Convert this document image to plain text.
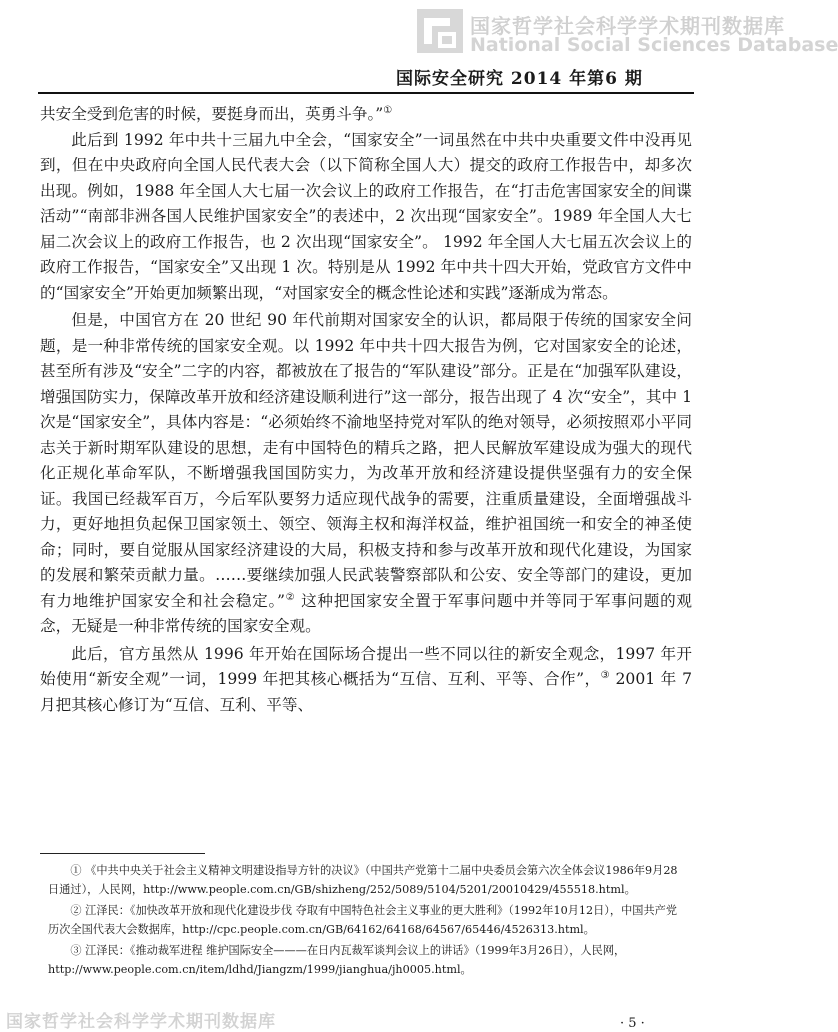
国家哲学社会科学学术期刊数据库
National Social Sciences Database
国际安全研究 2014 年第6 期

共安全受到危害的时候，要挺身而出，英勇斗争。”①

此后到 1992 年中共十三届九中全会，“国家安全”一词虽然在中共中央重要文件中没再见到，但在中央政府向全国人民代表大会（以下简称全国人大）提交的政府工作报告中，却多次出现。例如，1988 年全国人大七届一次会议上的政府工作报告，在“打击危害国家安全的间谍活动”“南部非洲各国人民维护国家安全”的表述中，2 次出现“国家安全”。1989 年全国人大七届二次会议上的政府工作报告，也 2 次出现“国家安全”。 1992 年全国人大七届五次会议上的政府工作报告，“国家安全”又出现 1 次。特别是从 1992 年中共十四大开始，党政官方文件中的“国家安全”开始更加频繁出现，“对国家安全的概念性论述和实践”逐渐成为常态。

但是，中国官方在 20 世纪 90 年代前期对国家安全的认识，都局限于传统的国家安全问题，是一种非常传统的国家安全观。以 1992 年中共十四大报告为例，它对国家安全的论述，甚至所有涉及“安全”二字的内容，都被放在了报告的“军队建设”部分。正是在“加强军队建设，增强国防实力，保障改革开放和经济建设顺利进行”这一部分，报告出现了 4 次“安全”，其中 1 次是“国家安全”，具体内容是：“必须始终不渝地坚持党对军队的绝对领导，必须按照邓小平同志关于新时期军队建设的思想，走有中国特色的精兵之路，把人民解放军建设成为强大的现代化正规化革命军队，不断增强我国国防实力，为改革开放和经济建设提供坚强有力的安全保证。我国已经裁军百万，今后军队要努力适应现代战争的需要，注重质量建设，全面增强战斗力，更好地担负起保卫国家领土、领空、领海主权和海洋权益，维护祖国统一和安全的神圣使命；同时，要自觉服从国家经济建设的大局，积极支持和参与改革开放和现代化建设，为国家的发展和繁荣贡献力量。……要继续加强人民武装警察部队和公安、安全等部门的建设，更加有力地维护国家安全和社会稳定。”② 这种把国家安全置于军事问题中并等同于军事问题的观念，无疑是一种非常传统的国家安全观。

此后，官方虽然从 1996 年开始在国际场合提出一些不同以往的新安全观念，1997 年开始使用“新安全观”一词，1999 年把其核心概括为“互信、互利、平等、合作”，③ 2001 年 7 月把其核心修订为“互信、互利、平等、

① 《中共中央关于社会主义精神文明建设指导方针的决议》（中国共产党第十二届中央委员会第六次全体会议1986年9月28日通过），人民网，http://www.people.com.cn/GB/shizheng/252/5089/5104/5201/20010429/455518.html。

② 江泽民：《加快改革开放和现代化建设步伐 夺取有中国特色社会主义事业的更大胜利》（1992年10月12日），中国共产党历次全国代表大会数据库，http://cpc.people.com.cn/GB/64162/64168/64567/65446/4526313.html。

③ 江泽民：《推动裁军进程 维护国际安全———在日内瓦裁军谈判会议上的讲话》（1999年3月26日），人民网，http://www.people.com.cn/item/ldhd/Jiangzm/1999/jianghua/jh0005.html。

国家哲学社会科学学术期刊数据库	· 5 ·
